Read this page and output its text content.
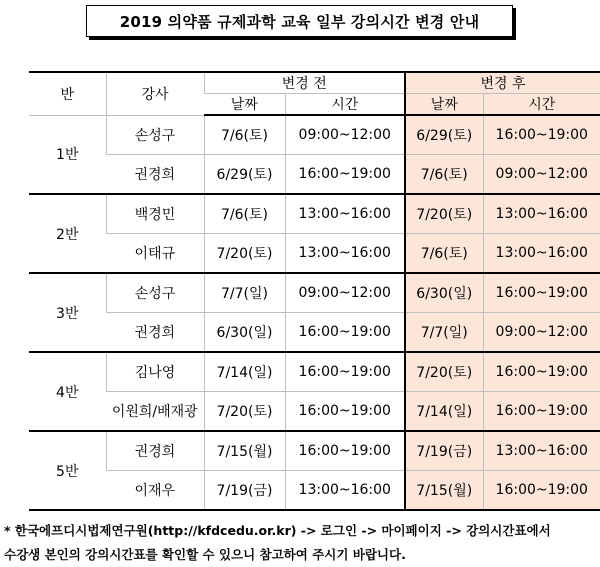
2019 의약품 규제과학 교육 일부 강의시간 변경 안내
반	강사	변경 전		변경 후	
		날짜	시간	날짜	시간
1반	손성구	7/6(토)	09:00~12:00	6/29(토)	16:00~19:00
	권경희	6/29(토)	16:00~19:00	7/6(토)	09:00~12:00
2반	백경민	7/6(토)	13:00~16:00	7/20(토)	13:00~16:00
	이태규	7/20(토)	13:00~16:00	7/6(토)	13:00~16:00
3반	손성구	7/7(일)	09:00~12:00	6/30(일)	16:00~19:00
	권경희	6/30(일)	16:00~19:00	7/7(일)	09:00~12:00
4반	김나영	7/14(일)	16:00~19:00	7/20(토)	16:00~19:00
	이원희/배재광	7/20(토)	16:00~19:00	7/14(일)	16:00~19:00
5반	권경희	7/15(월)	16:00~19:00	7/19(금)	13:00~16:00
	이재우	7/19(금)	13:00~16:00	7/15(월)	16:00~19:00
* 한국에프디시법제연구원(http://kfdcedu.or.kr) -> 로그인 -> 마이페이지 -> 강의시간표에서
수강생 본인의 강의시간표를 확인할 수 있으니 참고하여 주시기 바랍니다.
